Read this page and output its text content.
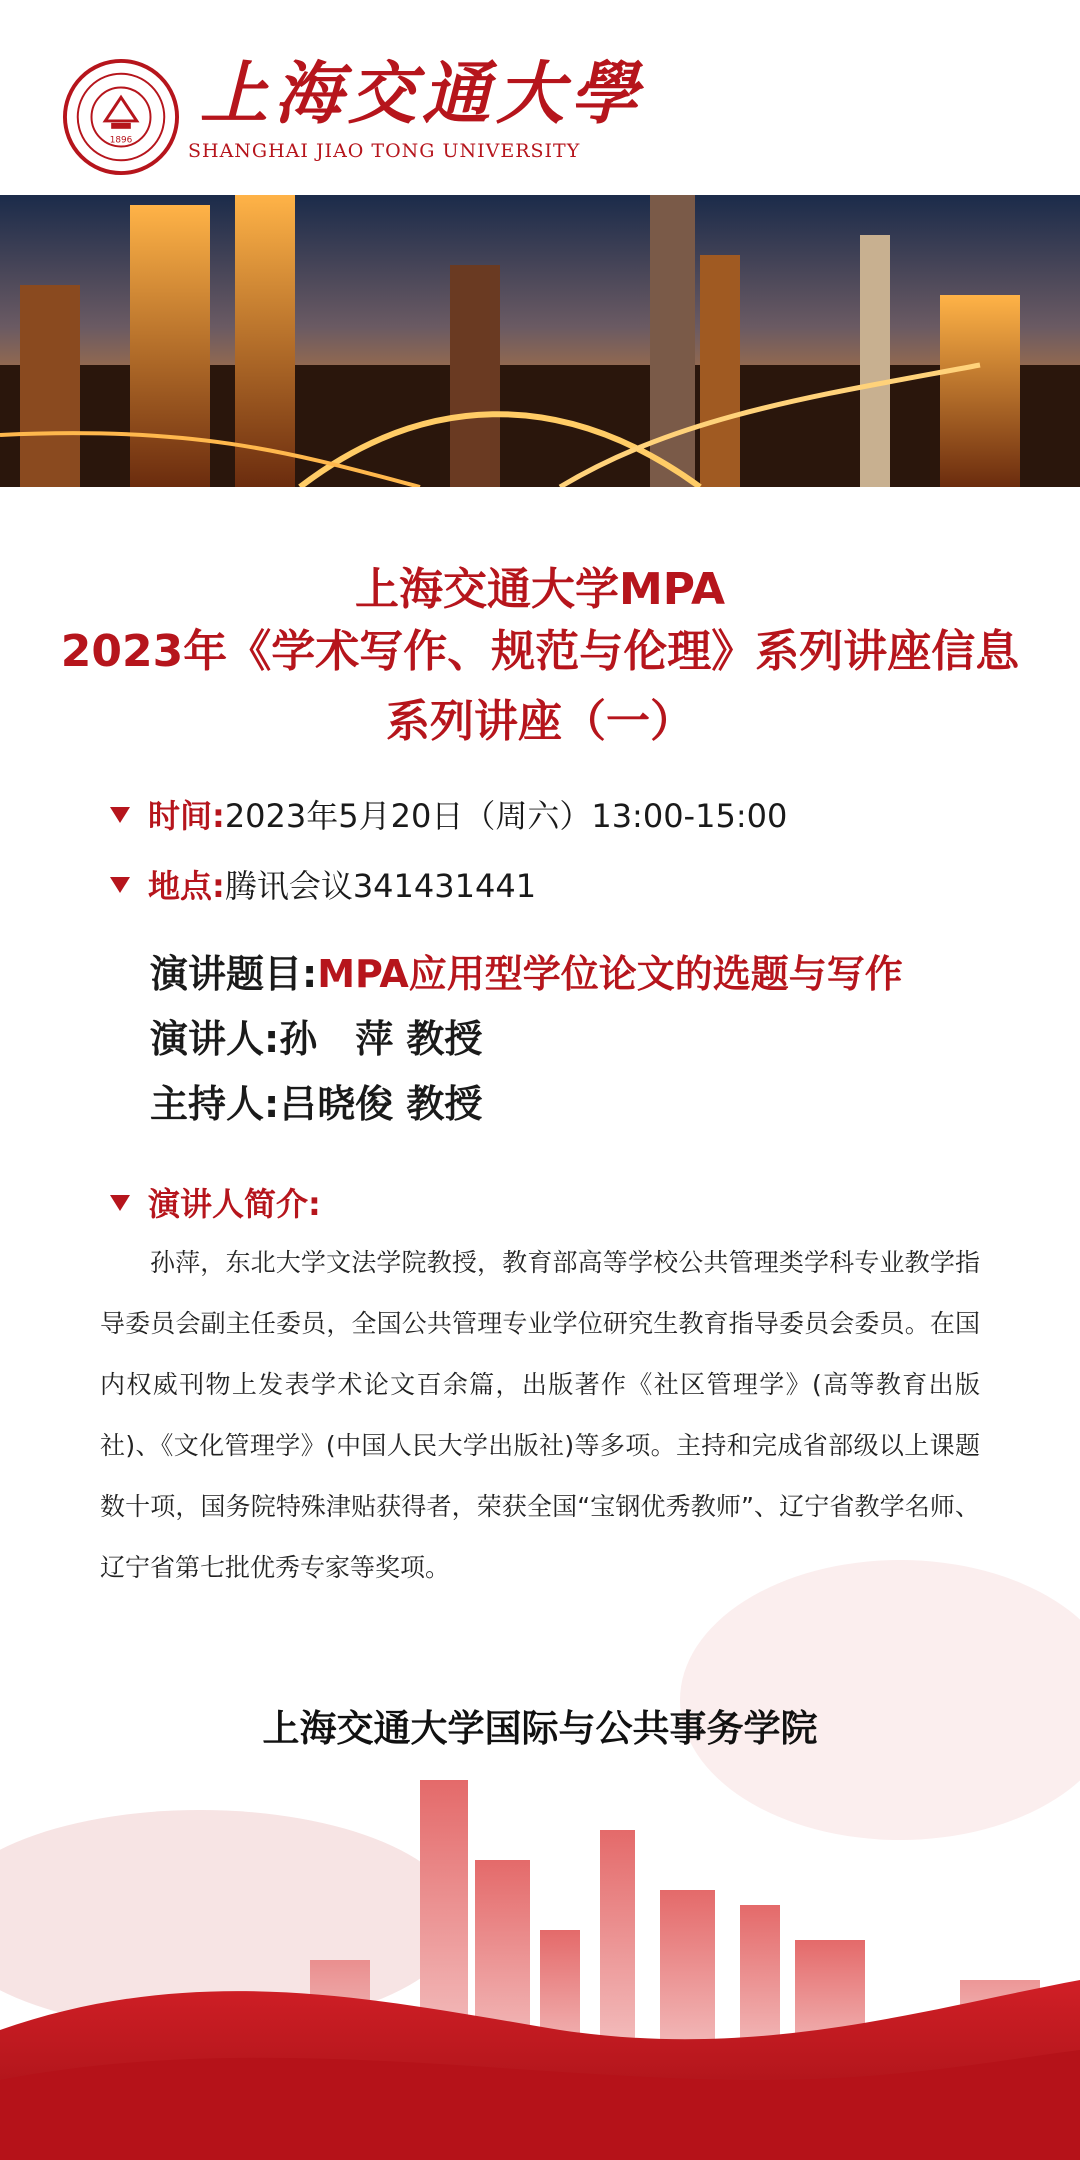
1896
上海交通大學
SHANGHAI JIAO TONG UNIVERSITY
上海交通大学MPA
2023年《学术写作、规范与伦理》系列讲座信息
系列讲座（一）
时间:2023年5月20日（周六）13:00-15:00
地点:腾讯会议341431441
演讲题目:MPA应用型学位论文的选题与写作
演讲人:孙　萍 教授
主持人:吕晓俊 教授
演讲人简介:

孙萍，东北大学文法学院教授，教育部高等学校公共管理类学科专业教学指导委员会副主任委员，全国公共管理专业学位研究生教育指导委员会委员。在国内权威刊物上发表学术论文百余篇，出版著作《社区管理学》(高等教育出版社)、《文化管理学》(中国人民大学出版社)等多项。主持和完成省部级以上课题数十项，国务院特殊津贴获得者，荣获全国“宝钢优秀教师”、辽宁省教学名师、辽宁省第七批优秀专家等奖项。

上海交通大学国际与公共事务学院
